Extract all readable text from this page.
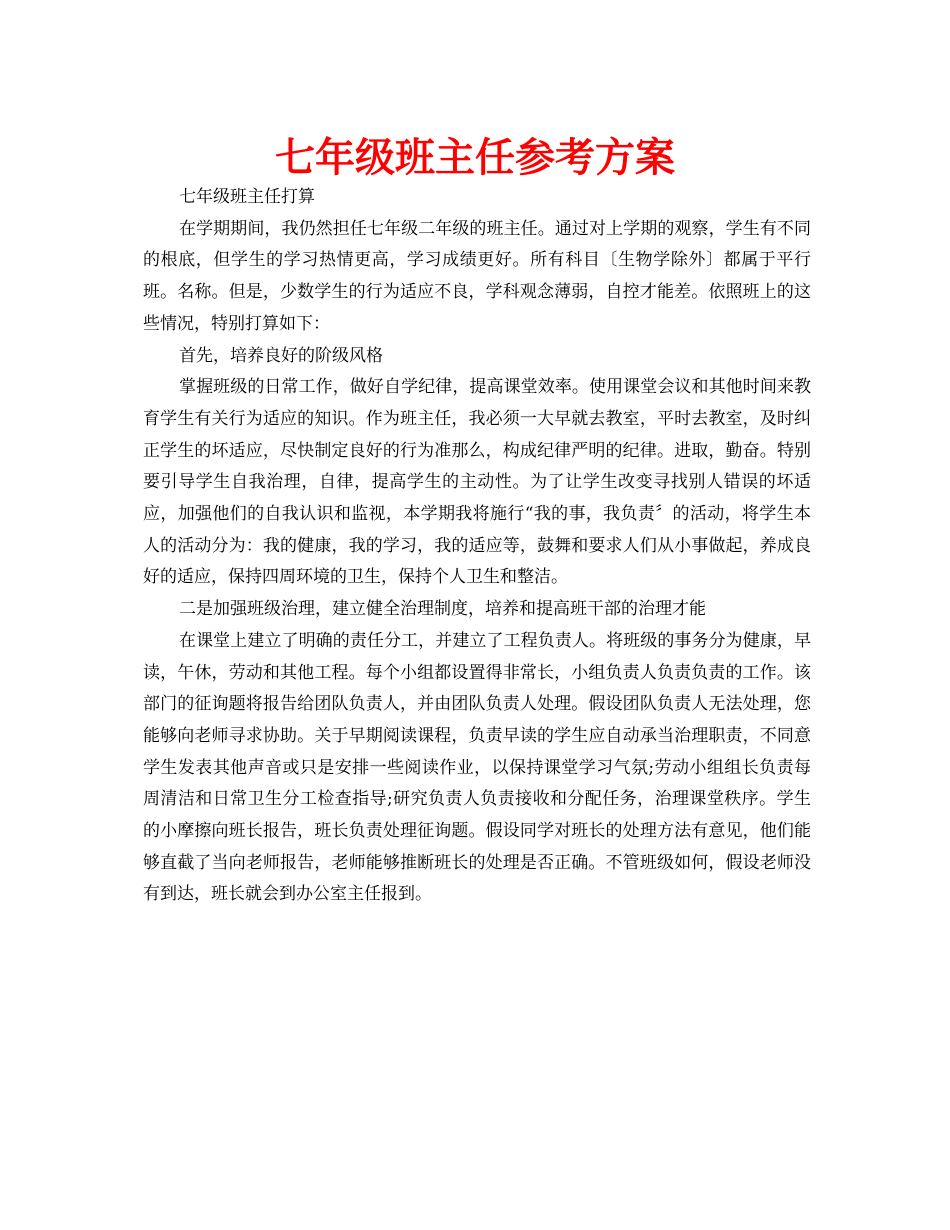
七年级班主任参考方案

七年级班主任打算

在学期期间，我仍然担任七年级二年级的班主任。通过对上学期的观察，学生有不同的根底，但学生的学习热情更高，学习成绩更好。所有科目〔生物学除外〕都属于平行班。名称。但是，少数学生的行为适应不良，学科观念薄弱，自控才能差。依照班上的这些情况，特别打算如下：

首先，培养良好的阶级风格

掌握班级的日常工作，做好自学纪律，提高课堂效率。使用课堂会议和其他时间来教育学生有关行为适应的知识。作为班主任，我必须一大早就去教室，平时去教室，及时纠正学生的坏适应，尽快制定良好的行为准那么，构成纪律严明的纪律。进取，勤奋。特别要引导学生自我治理，自律，提高学生的主动性。为了让学生改变寻找别人错误的坏适应，加强他们的自我认识和监视，本学期我将施行“我的事，我负责〞的活动，将学生本人的活动分为：我的健康，我的学习，我的适应等，鼓舞和要求人们从小事做起，养成良好的适应，保持四周环境的卫生，保持个人卫生和整洁。

二是加强班级治理，建立健全治理制度，培养和提高班干部的治理才能

在课堂上建立了明确的责任分工，并建立了工程负责人。将班级的事务分为健康，早读，午休，劳动和其他工程。每个小组都设置得非常长，小组负责人负责负责的工作。该部门的征询题将报告给团队负责人，并由团队负责人处理。假设团队负责人无法处理，您能够向老师寻求协助。关于早期阅读课程，负责早读的学生应自动承当治理职责，不同意学生发表其他声音或只是安排一些阅读作业，以保持课堂学习气氛;劳动小组组长负责每周清洁和日常卫生分工检查指导;研究负责人负责接收和分配任务，治理课堂秩序。学生的小摩擦向班长报告，班长负责处理征询题。假设同学对班长的处理方法有意见，他们能够直截了当向老师报告，老师能够推断班长的处理是否正确。不管班级如何，假设老师没有到达，班长就会到办公室主任报到。
